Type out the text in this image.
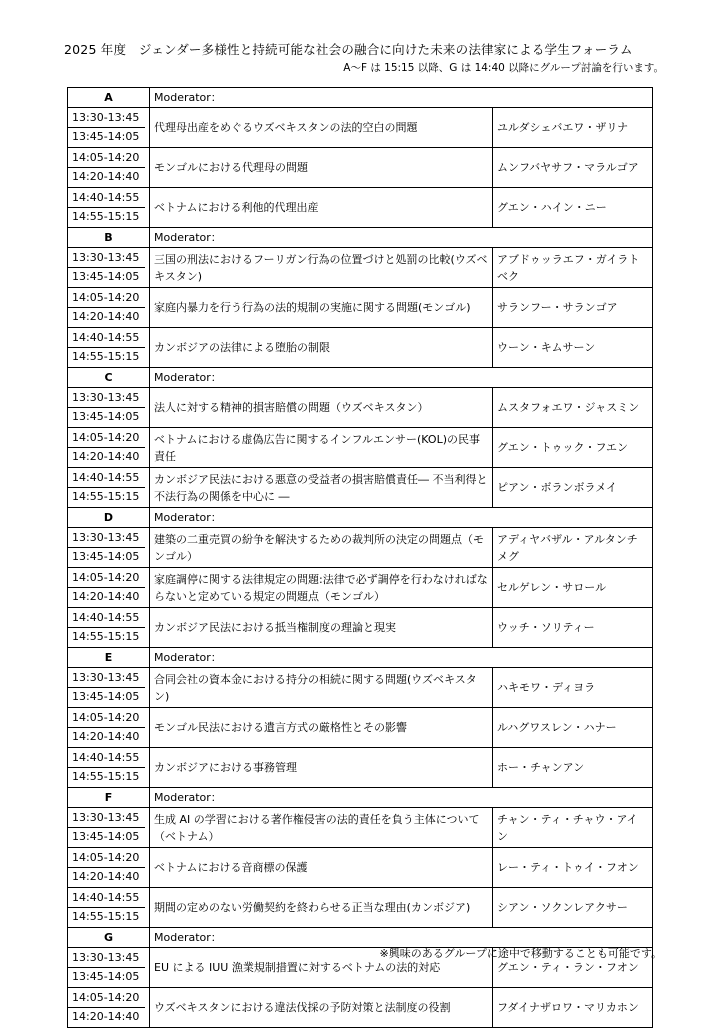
2025 年度　ジェンダー多様性と持続可能な社会の融合に向けた未来の法律家による学生フォーラム
A～F は 15:15 以降、G は 14:40 以降にグループ討論を行います。
A	Moderator：	

13:30-13:45
13:45-14:05	代理母出産をめぐるウズベキスタンの法的空白の問題	ユルダシェバエワ・ザリナ

14:05-14:20
14:20-14:40	モンゴルにおける代理母の問題	ムンフバヤサフ・マラルゴア

14:40-14:55
14:55-15:15	ベトナムにおける利他的代理出産	グエン・ハイン・ニー
B	Moderator：	

13:30-13:45
13:45-14:05	三国の刑法におけるフーリガン行為の位置づけと処罰の比較(ウズベキスタン)	アブドゥッラエフ・ガイラトベク

14:05-14:20
14:20-14:40	家庭内暴力を行う行為の法的規制の実施に関する問題(モンゴル)	サランフー・サランゴア

14:40-14:55
14:55-15:15	カンボジアの法律による堕胎の制限	ウーン・キムサーン
C	Moderator：	

13:30-13:45
13:45-14:05	法人に対する精神的損害賠償の問題（ウズベキスタン）	ムスタフォエワ・ジャスミン

14:05-14:20
14:20-14:40	ベトナムにおける虚偽広告に関するインフルエンサー(KOL)の民事責任	グエン・トゥック・フエン

14:40-14:55
14:55-15:15	カンボジア民法における悪意の受益者の損害賠償責任― 不当利得と不法行為の関係を中心に ―	ピアン・ボランボラメイ
D	Moderator：	

13:30-13:45
13:45-14:05	建築の二重売買の紛争を解決するための裁判所の決定の問題点（モンゴル）	アディヤバザル・アルタンチメグ

14:05-14:20
14:20-14:40	家庭調停に関する法律規定の問題:法律で必ず調停を行わなければならないと定めている規定の問題点（モンゴル）	セルゲレン・サロール

14:40-14:55
14:55-15:15	カンボジア民法における抵当権制度の理論と現実	ウッチ・ソリティー
E	Moderator：	

13:30-13:45
13:45-14:05	合同会社の資本金における持分の相続に関する問題(ウズベキスタン)	ハキモワ・ディヨラ

14:05-14:20
14:20-14:40	モンゴル民法における遺言方式の厳格性とその影響	ルハグワスレン・ハナー

14:40-14:55
14:55-15:15	カンボジアにおける事務管理	ホー・チャンアン
F	Moderator：	

13:30-13:45
13:45-14:05	生成 AI の学習における著作権侵害の法的責任を負う主体について（ベトナム）	チャン・ティ・チャウ・アイン

14:05-14:20
14:20-14:40	ベトナムにおける音商標の保護	レー・ティ・トゥイ・フオン

14:40-14:55
14:55-15:15	期間の定めのない労働契約を終わらせる正当な理由(カンボジア)	シアン・ソクンレアクサー
G	Moderator：	

13:30-13:45
13:45-14:05	EU による IUU 漁業規制措置に対するベトナムの法的対応	グエン・ティ・ラン・フオン

14:05-14:20
14:20-14:40	ウズベキスタンにおける違法伐採の予防対策と法制度の役割	フダイナザロワ・マリカホン
※興味のあるグループに途中で移動することも可能です。
